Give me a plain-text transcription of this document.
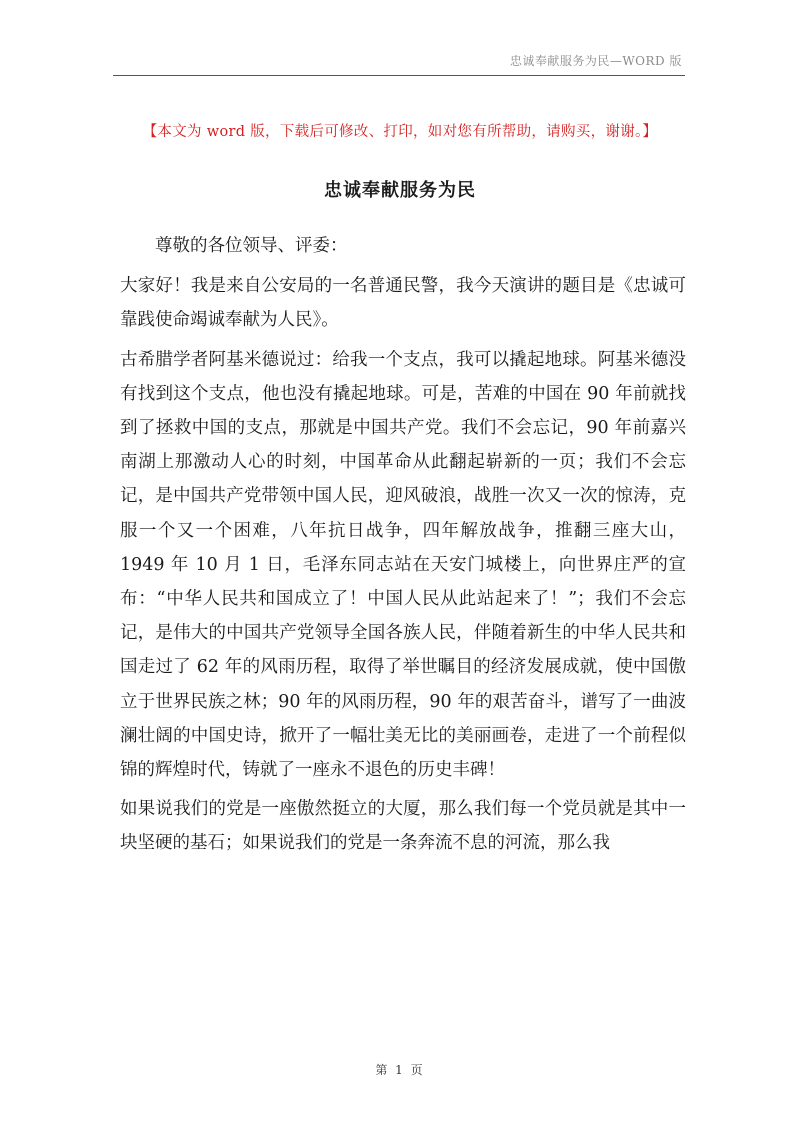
忠诚奉献服务为民—WORD 版
【本文为 word 版，下载后可修改、打印，如对您有所帮助，请购买，谢谢。】
忠诚奉献服务为民

尊敬的各位领导、评委：

大家好！我是来自公安局的一名普通民警，我今天演讲的题目是《忠诚可靠践使命竭诚奉献为人民》。

古希腊学者阿基米德说过：给我一个支点，我可以撬起地球。阿基米德没有找到这个支点，他也没有撬起地球。可是，苦难的中国在 90 年前就找到了拯救中国的支点，那就是中国共产党。我们不会忘记，90 年前嘉兴南湖上那激动人心的时刻，中国革命从此翻起崭新的一页；我们不会忘记，是中国共产党带领中国人民，迎风破浪，战胜一次又一次的惊涛，克服一个又一个困难，八年抗日战争，四年解放战争，推翻三座大山，1949 年 10 月 1 日，毛泽东同志站在天安门城楼上，向世界庄严的宣布：“中华人民共和国成立了！中国人民从此站起来了！”；我们不会忘记，是伟大的中国共产党领导全国各族人民，伴随着新生的中华人民共和国走过了 62 年的风雨历程，取得了举世瞩目的经济发展成就，使中国傲立于世界民族之林；90 年的风雨历程，90 年的艰苦奋斗，谱写了一曲波澜壮阔的中国史诗，掀开了一幅壮美无比的美丽画卷，走进了一个前程似锦的辉煌时代，铸就了一座永不退色的历史丰碑！

如果说我们的党是一座傲然挺立的大厦，那么我们每一个党员就是其中一块坚硬的基石；如果说我们的党是一条奔流不息的河流，那么我

第 1 页
